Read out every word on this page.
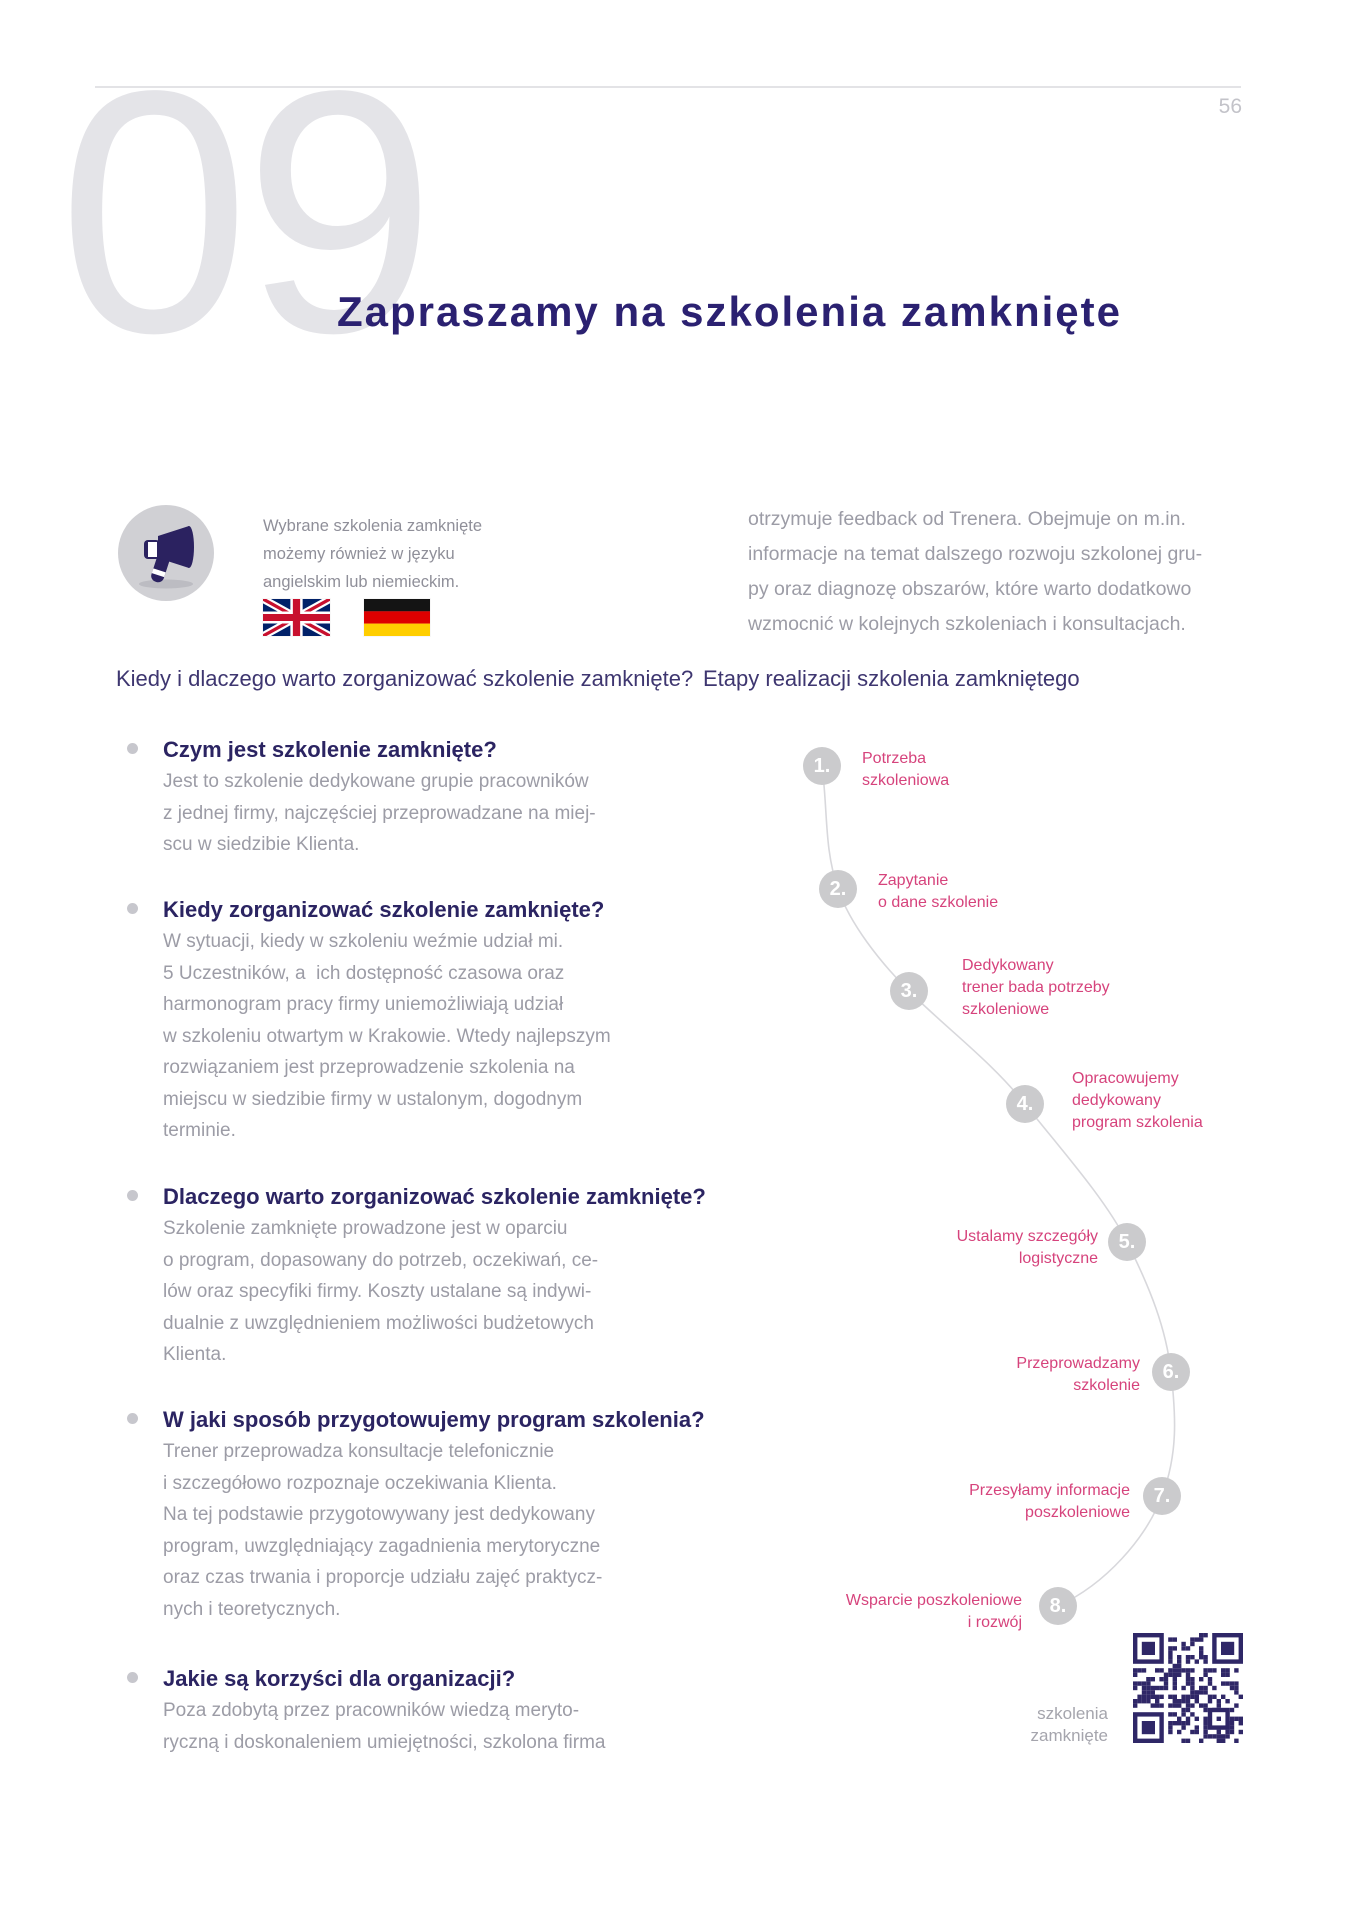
56
09
Zapraszamy na szkolenia zamknięte
Wybrane szkolenia zamknięte
możemy również w języku
angielskim lub niemieckim.
Kiedy i dlaczego warto zorganizować szkolenie zamknięte?
Czym jest szkolenie zamknięte?
Jest to szkolenie dedykowane grupie pracowników
z jednej firmy, najczęściej przeprowadzane na miej-
scu w siedzibie Klienta.
Kiedy zorganizować szkolenie zamknięte?
W sytuacji, kiedy w szkoleniu weźmie udział mi.
5 Uczestników, a  ich dostępność czasowa oraz
harmonogram pracy firmy uniemożliwiają udział
w szkoleniu otwartym w Krakowie. Wtedy najlepszym
rozwiązaniem jest przeprowadzenie szkolenia na
miejscu w siedzibie firmy w ustalonym, dogodnym
terminie.
Dlaczego warto zorganizować szkolenie zamknięte?
Szkolenie zamknięte prowadzone jest w oparciu
o program, dopasowany do potrzeb, oczekiwań, ce-
lów oraz specyfiki firmy. Koszty ustalane są indywi-
dualnie z uwzględnieniem możliwości budżetowych
Klienta.
W jaki sposób przygotowujemy program szkolenia?
Trener przeprowadza konsultacje telefonicznie
i szczegółowo rozpoznaje oczekiwania Klienta.
Na tej podstawie przygotowywany jest dedykowany
program, uwzględniający zagadnienia merytoryczne
oraz czas trwania i proporcje udziału zajęć praktycz-
nych i teoretycznych.
Jakie są korzyści dla organizacji?
Poza zdobytą przez pracowników wiedzą meryto-
ryczną i doskonaleniem umiejętności, szkolona firma
otrzymuje feedback od Trenera. Obejmuje on m.in.
informacje na temat dalszego rozwoju szkolonej gru-
py oraz diagnozę obszarów, które warto dodatkowo
wzmocnić w kolejnych szkoleniach i konsultacjach.
Etapy realizacji szkolenia zamkniętego
1.	Potrzeba
szkoleniowa
2.	Zapytanie
o dane szkolenie
3.
Dedykowany
trener bada potrzeby
szkoleniowe
4.
Opracowujemy
dedykowany
program szkolenia
5.
Ustalamy szczegóły
logistyczne
6.
Przeprowadzamy
szkolenie
7.
Przesyłamy informacje
poszkoleniowe
8.
Wsparcie poszkoleniowe
i rozwój
szkolenia
zamknięte
